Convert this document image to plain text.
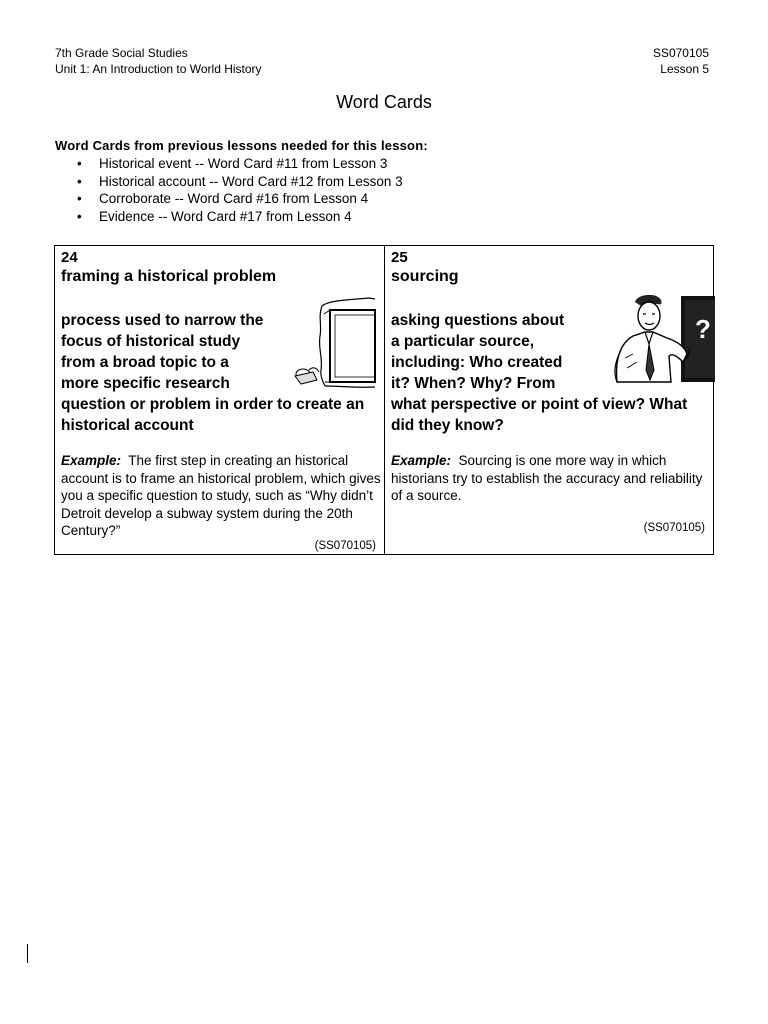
7th Grade Social Studies
Unit 1: An Introduction to World History
SS070105
Lesson 5
Word Cards
Word Cards from previous lessons needed for this lesson:
• Historical event -- Word Card #11 from Lesson 3
• Historical account -- Word Card #12 from Lesson 3
• Corroborate -- Word Card #16 from Lesson 4
• Evidence -- Word Card #17 from Lesson 4
24
framing a historical problem
process used to narrow the
focus of historical study
from a broad topic to a
more specific research
question or problem in order to create an
historical account
Example: The first step in creating an historical account is to frame an historical problem, which gives you a specific question to study, such as “Why didn’t Detroit develop a subway system during the 20th Century?”
(SS070105)
25
sourcing
?
asking questions about
a particular source,
including: Who created
it? When? Why? From
what perspective or point of view? What
did they know?
Example: Sourcing is one more way in which historians try to establish the accuracy and reliability of a source.
(SS070105)
